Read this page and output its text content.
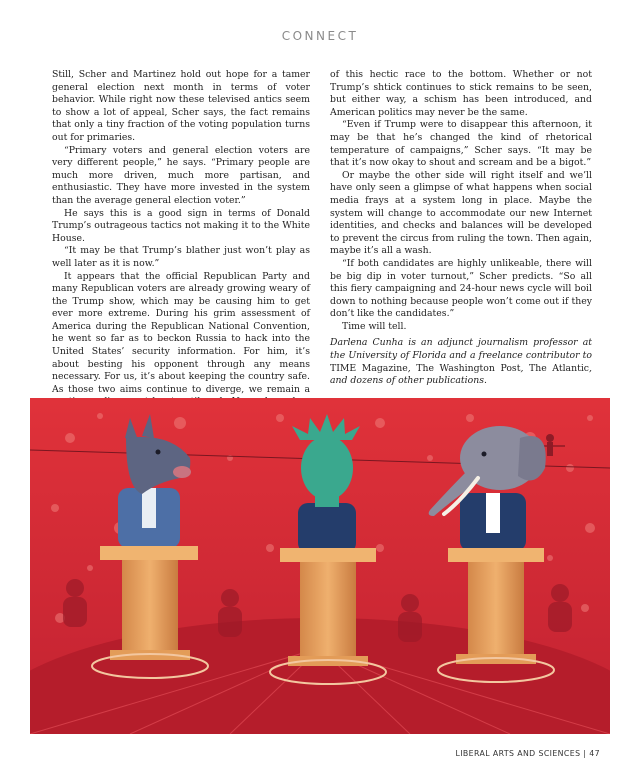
CONNECT

Still, Scher and Martinez hold out hope for a tamer general election next month in terms of voter behavior. While right now these televised antics seem to show a lot of appeal, Scher says, the fact remains that only a tiny fraction of the voting population turns out for primaries.

“Primary voters and general election voters are very different people,” he says. “Primary people are much more driven, much more partisan, and enthusiastic. They have more invested in the system than the average general election voter.”

He says this is a good sign in terms of Donald Trump’s outrageous tactics not making it to the White House.

“It may be that Trump’s blather just won’t play as well later as it is now.”

It appears that the official Republican Party and many Republican voters are already growing weary of the Trump show, which may be causing him to get ever more extreme. During his grim assessment of America during the Republican National Convention, he went so far as to beckon Russia to hack into the United States’ security information. For him, it’s about besting his opponent through any means necessary. For us, it’s about keeping the country safe. As those two aims continue to diverge, we remain a

of this hectic race to the bottom. Whether or not Trump’s shtick continues to stick remains to be seen, but either way, a schism has been introduced, and American politics may never be the same.

“Even if Trump were to disappear this afternoon, it may be that he’s changed the kind of rhetorical temperature of campaigns,” Scher says. “It may be that it’s now okay to shout and scream and be a bigot.”

Or maybe the other side will right itself and we’ll have only seen a glimpse of what happens when social media frays at a system long in place. Maybe the system will change to accommodate our new Internet identities, and checks and balances will be developed to prevent the circus from ruling the town. Then again, maybe it’s all a wash.

“If both candidates are highly unlikeable, there will be big dip in voter turnout,” Scher predicts. “So all this fiery campaigning and 24-hour news cycle will boil down to nothing because people won’t come out if they don’t like the candidates.”

Time will tell.

Darlena Cunha is an adjunct journalism professor at the University of Florida and a freelance contributor to TIME Magazine, The Washington Post, The Atlantic, and dozens of other publications.

LIBERAL ARTS AND SCIENCES | 47
